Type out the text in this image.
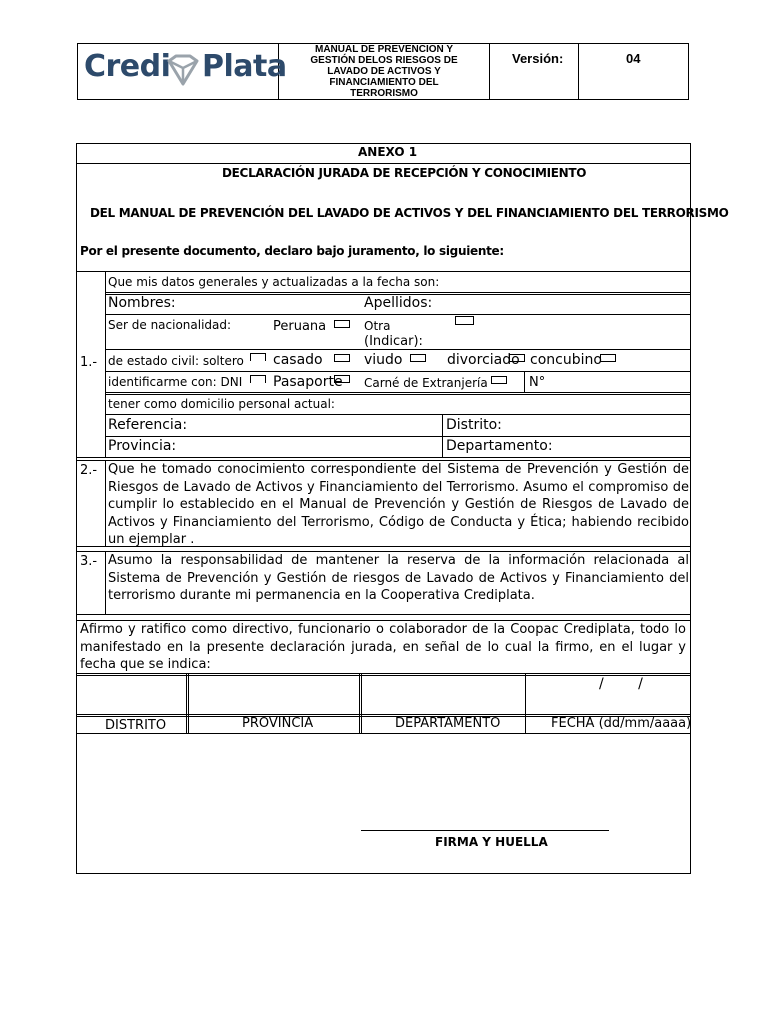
Credi Plata	MANUAL DE PREVENCION Y GESTIÓN DELOS RIESGOS DE LAVADO DE ACTIVOS Y FINANCIAMIENTO DEL TERRORISMO
Versión:	04
ANEXO 1
DECLARACIÓN JURADA DE RECEPCIÓN Y CONOCIMIENTO
DEL MANUAL DE PREVENCIÓN DEL LAVADO DE ACTIVOS Y DEL FINANCIAMIENTO DEL TERRORISMO
Por el presente documento, declaro bajo juramento, lo siguiente:
1.-
Que mis datos generales y actualizadas a la fecha son:
Nombres:	Apellidos:
Ser de nacionalidad:	Peruana	Otra
(Indicar):
de estado civil: soltero casado	viudo	divorciado concubino
identificarme con: DNI Pasaporte Carné de Extranjería	N°
tener como domicilio personal actual:
Referencia:	Distrito:
Provincia:	Departamento:
2.- Que he tomado conocimiento correspondiente del Sistema de Prevención y Gestión de Riesgos de Lavado de Activos y Financiamiento del Terrorismo. Asumo el compromiso de cumplir lo establecido en el Manual de Prevención y Gestión de Riesgos de Lavado de Activos y Financiamiento del Terrorismo, Código de Conducta y Ética; habiendo recibido un ejemplar .
3.- Asumo la responsabilidad de mantener la reserva de la información relacionada al Sistema de Prevención y Gestión de riesgos de Lavado de Activos y Financiamiento del terrorismo durante mi permanencia en la Cooperativa Crediplata.
Afirmo y ratifico como directivo, funcionario o colaborador de la Coopac Crediplata, todo lo manifestado en la presente declaración jurada, en señal de lo cual la firmo, en el lugar y fecha que se indica:
/ /
DISTRITO	PROVINCIA	DEPARTAMENTO	FECHA (dd/mm/aaaa)
FIRMA Y HUELLA
